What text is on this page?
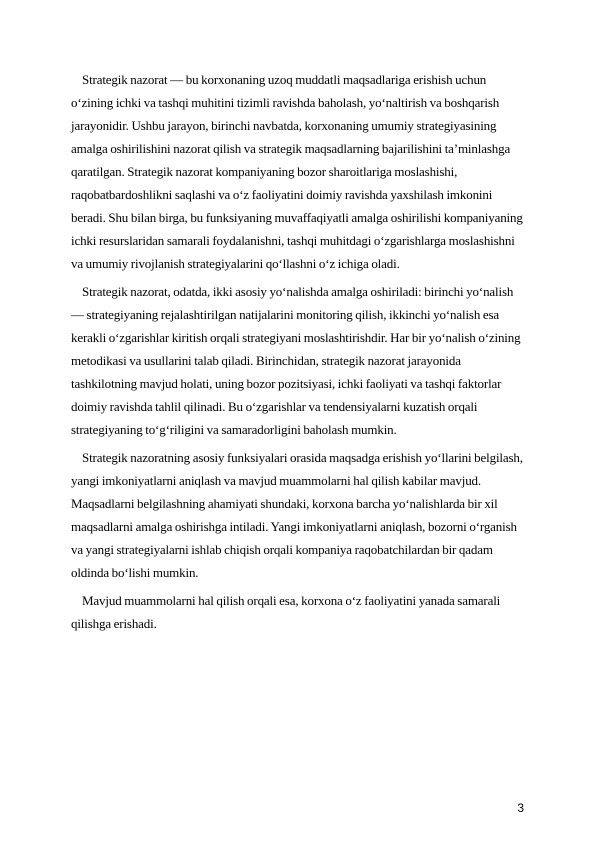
Strategik nazorat — bu korxonaning uzoq muddatli maqsadlariga erishish uchun o‘zining ichki va tashqi muhitini tizimli ravishda baholash, yo‘naltirish va boshqarish jarayonidir. Ushbu jarayon, birinchi navbatda, korxonaning umumiy strategiyasining amalga oshirilishini nazorat qilish va strategik maqsadlarning bajarilishini ta’minlashga qaratilgan. Strategik nazorat kompaniyaning bozor sharoitlariga moslashishi, raqobatbardoshlikni saqlashi va o‘z faoliyatini doimiy ravishda yaxshilash imkonini beradi. Shu bilan birga, bu funksiyaning muvaffaqiyatli amalga oshirilishi kompaniyaning ichki resurslaridan samarali foydalanishni, tashqi muhitdagi o‘zgarishlarga moslashishni va umumiy rivojlanish strategiyalarini qo‘llashni o‘z ichiga oladi.

Strategik nazorat, odatda, ikki asosiy yo‘nalishda amalga oshiriladi: birinchi yo‘nalish — strategiyaning rejalashtirilgan natijalarini monitoring qilish, ikkinchi yo‘nalish esa kerakli o‘zgarishlar kiritish orqali strategiyani moslashtirishdir. Har bir yo‘nalish o‘zining metodikasi va usullarini talab qiladi. Birinchidan, strategik nazorat jarayonida tashkilotning mavjud holati, uning bozor pozitsiyasi, ichki faoliyati va tashqi faktorlar doimiy ravishda tahlil qilinadi. Bu o‘zgarishlar va tendensiyalarni kuzatish orqali strategiyaning to‘g‘riligini va samaradorligini baholash mumkin.

Strategik nazoratning asosiy funksiyalari orasida maqsadga erishish yo‘llarini belgilash, yangi imkoniyatlarni aniqlash va mavjud muammolarni hal qilish kabilar mavjud. Maqsadlarni belgilashning ahamiyati shundaki, korxona barcha yo‘nalishlarda bir xil maqsadlarni amalga oshirishga intiladi. Yangi imkoniyatlarni aniqlash, bozorni o‘rganish va yangi strategiyalarni ishlab chiqish orqali kompaniya raqobatchilardan bir qadam oldinda bo‘lishi mumkin.

Mavjud muammolarni hal qilish orqali esa, korxona o‘z faoliyatini yanada samarali qilishga erishadi.

3
